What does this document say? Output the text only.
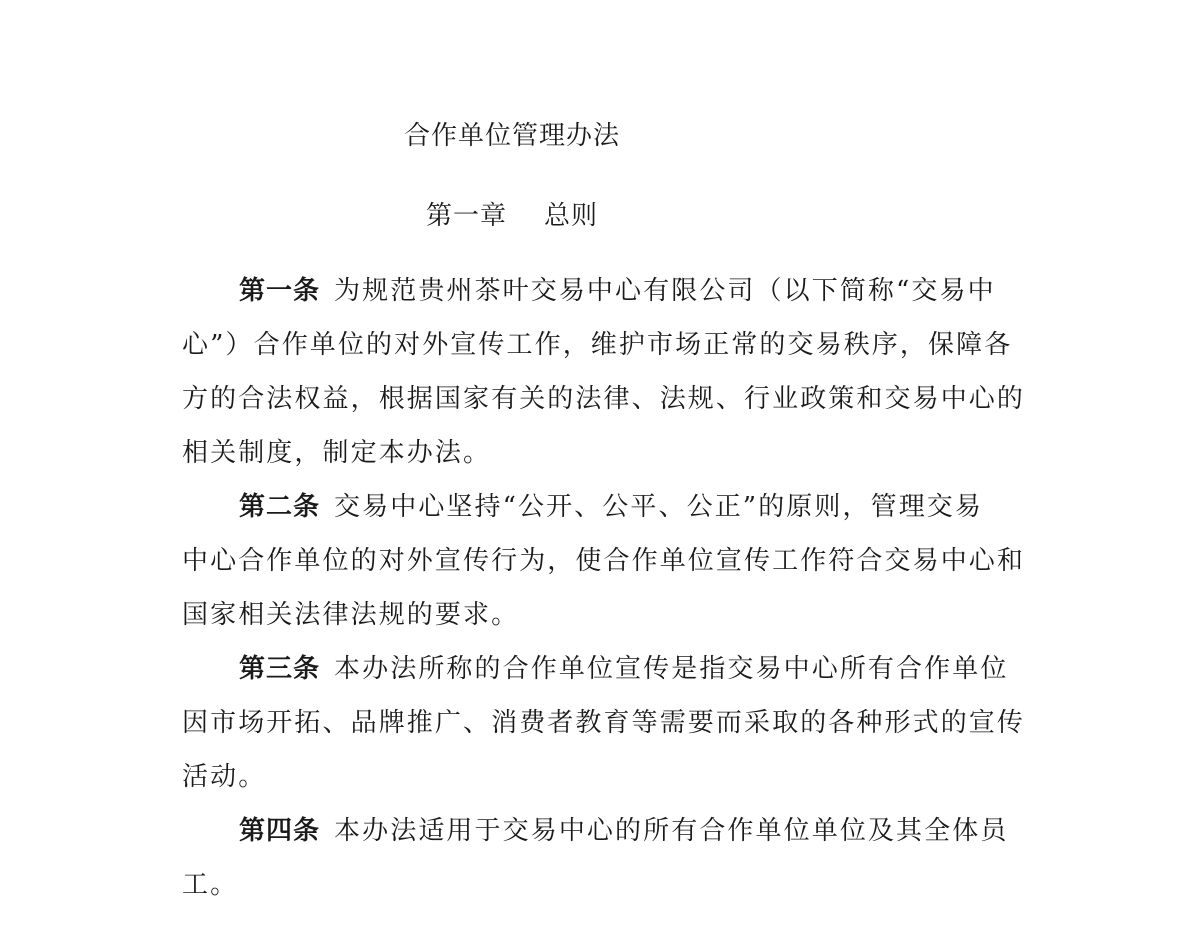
合作单位管理办法
第一章    总则
第一条 为规范贵州茶叶交易中心有限公司（以下简称“交易中
心”）合作单位的对外宣传工作，维护市场正常的交易秩序，保障各
方的合法权益，根据国家有关的法律、法规、行业政策和交易中心的
相关制度，制定本办法。
第二条 交易中心坚持“公开、公平、公正”的原则，管理交易
中心合作单位的对外宣传行为，使合作单位宣传工作符合交易中心和
国家相关法律法规的要求。
第三条 本办法所称的合作单位宣传是指交易中心所有合作单位
因市场开拓、品牌推广、消费者教育等需要而采取的各种形式的宣传
活动。
第四条 本办法适用于交易中心的所有合作单位单位及其全体员
工。
